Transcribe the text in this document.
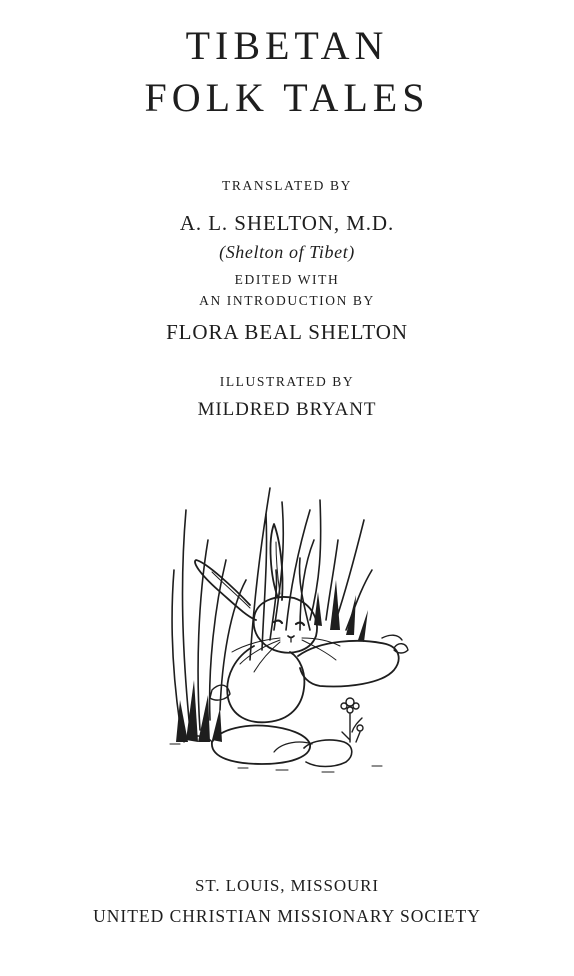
TIBETAN
FOLK TALES
TRANSLATED BY
A. L. SHELTON, M.D.
(Shelton of Tibet)
EDITED WITH
AN INTRODUCTION BY
FLORA BEAL SHELTON
ILLUSTRATED BY
MILDRED BRYANT
ST. LOUIS, MISSOURI
UNITED CHRISTIAN MISSIONARY SOCIETY
